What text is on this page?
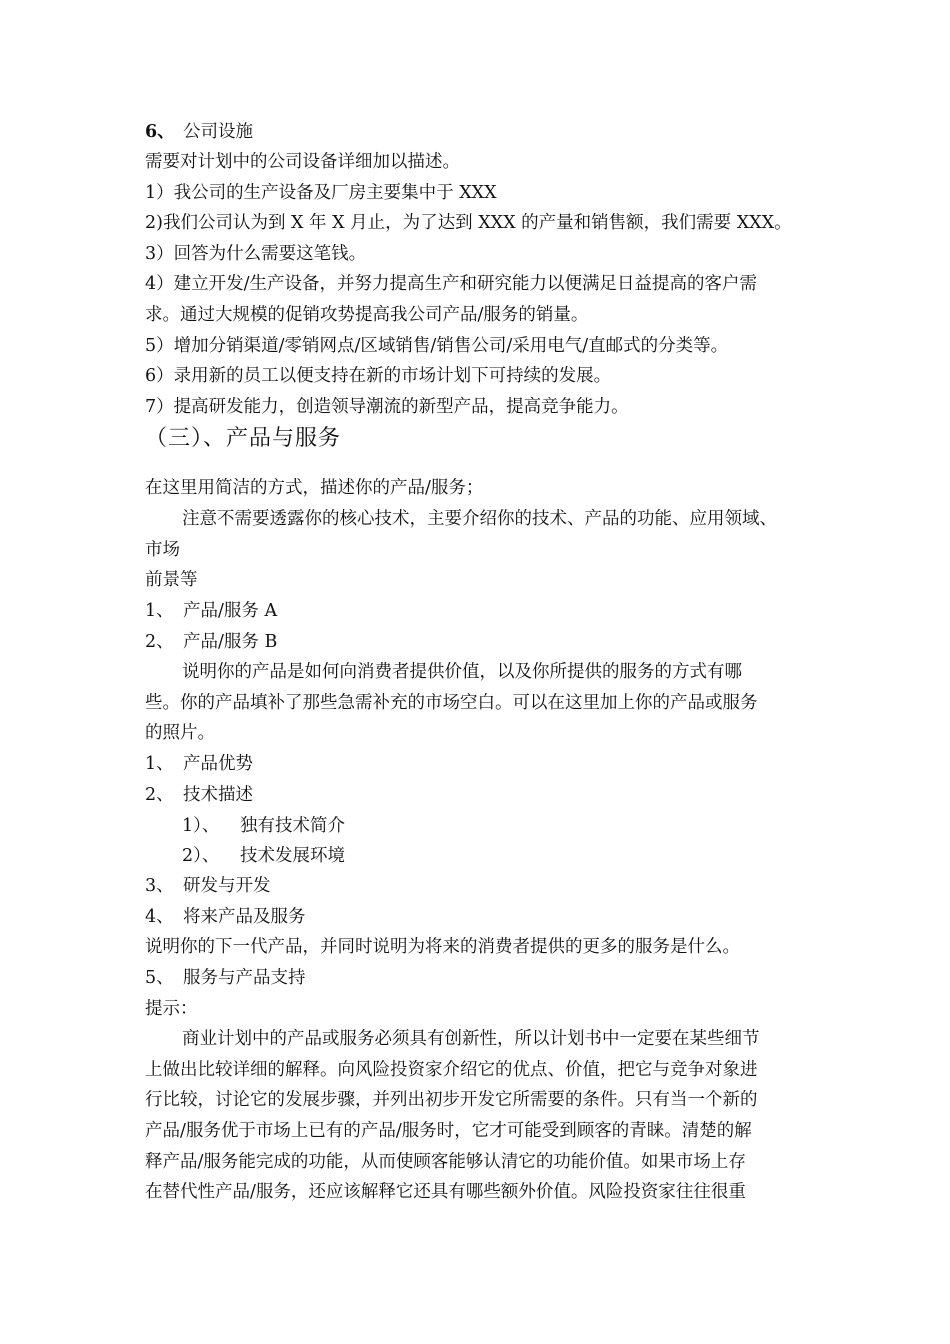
6、 公司设施
需要对计划中的公司设备详细加以描述。
1）我公司的生产设备及厂房主要集中于 XXX
2)我们公司认为到 X 年 X 月止，为了达到 XXX 的产量和销售额，我们需要 XXX。
3）回答为什么需要这笔钱。
4）建立开发/生产设备，并努力提高生产和研究能力以便满足日益提高的客户需
求。通过大规模的促销攻势提高我公司产品/服务的销量。
5）增加分销渠道/零销网点/区域销售/销售公司/采用电气/直邮式的分类等。
6）录用新的员工以便支持在新的市场计划下可持续的发展。
7）提高研发能力，创造领导潮流的新型产品，提高竞争能力。
（三）、产品与服务
在这里用简洁的方式，描述你的产品/服务；
注意不需要透露你的核心技术，主要介绍你的技术、产品的功能、应用领域、
市场
前景等
1、 产品/服务 A
2、 产品/服务 B
说明你的产品是如何向消费者提供价值，以及你所提供的服务的方式有哪
些。你的产品填补了那些急需补充的市场空白。可以在这里加上你的产品或服务
的照片。
1、 产品优势
2、 技术描述
1）、 独有技术简介
2）、 技术发展环境
3、 研发与开发
4、 将来产品及服务
说明你的下一代产品，并同时说明为将来的消费者提供的更多的服务是什么。
5、 服务与产品支持
提示：
商业计划中的产品或服务必须具有创新性，所以计划书中一定要在某些细节
上做出比较详细的解释。向风险投资家介绍它的优点、价值，把它与竞争对象进
行比较，讨论它的发展步骤，并列出初步开发它所需要的条件。只有当一个新的
产品/服务优于市场上已有的产品/服务时，它才可能受到顾客的青睐。清楚的解
释产品/服务能完成的功能，从而使顾客能够认清它的功能价值。如果市场上存
在替代性产品/服务，还应该解释它还具有哪些额外价值。风险投资家往往很重
